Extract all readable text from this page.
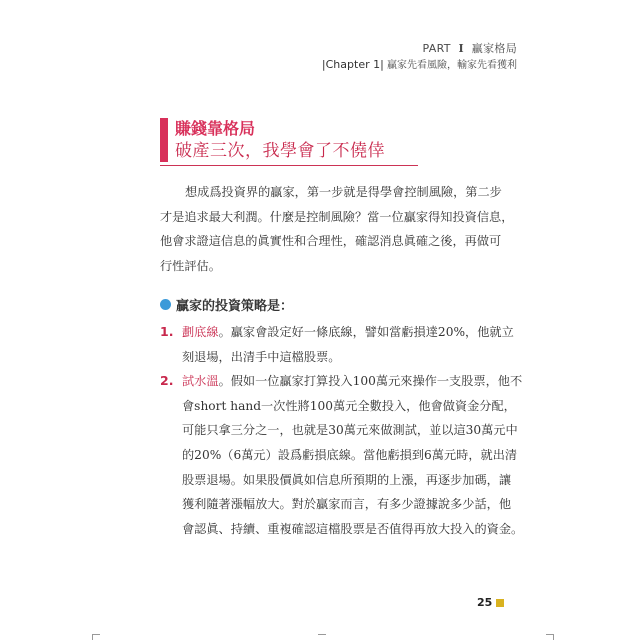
PART I 贏家格局
|Chapter 1| 贏家先看風險，輸家先看獲利
賺錢靠格局
破產三次，我學會了不僥倖

想成爲投資界的贏家，第一步就是得學會控制風險，第二步
才是追求最大利潤。什麼是控制風險？當一位贏家得知投資信息，
他會求證這信息的眞實性和合理性，確認消息眞確之後，再做可
行性評估。

贏家的投資策略是：
1. 劃底線。贏家會設定好一條底線，譬如當虧損達20%，他就立
刻退場，出清手中這檔股票。
2. 試水溫。假如一位贏家打算投入100萬元來操作一支股票，他不
會short hand一次性將100萬元全數投入，他會做資金分配，
可能只拿三分之一，也就是30萬元來做測試，並以這30萬元中
的20%（6萬元）設爲虧損底線。當他虧損到6萬元時，就出清
股票退場。如果股價眞如信息所預期的上漲，再逐步加碼，讓
獲利隨著漲幅放大。對於贏家而言，有多少證據說多少話，他
會認眞、持續、重複確認這檔股票是否值得再放大投入的資金。
25
